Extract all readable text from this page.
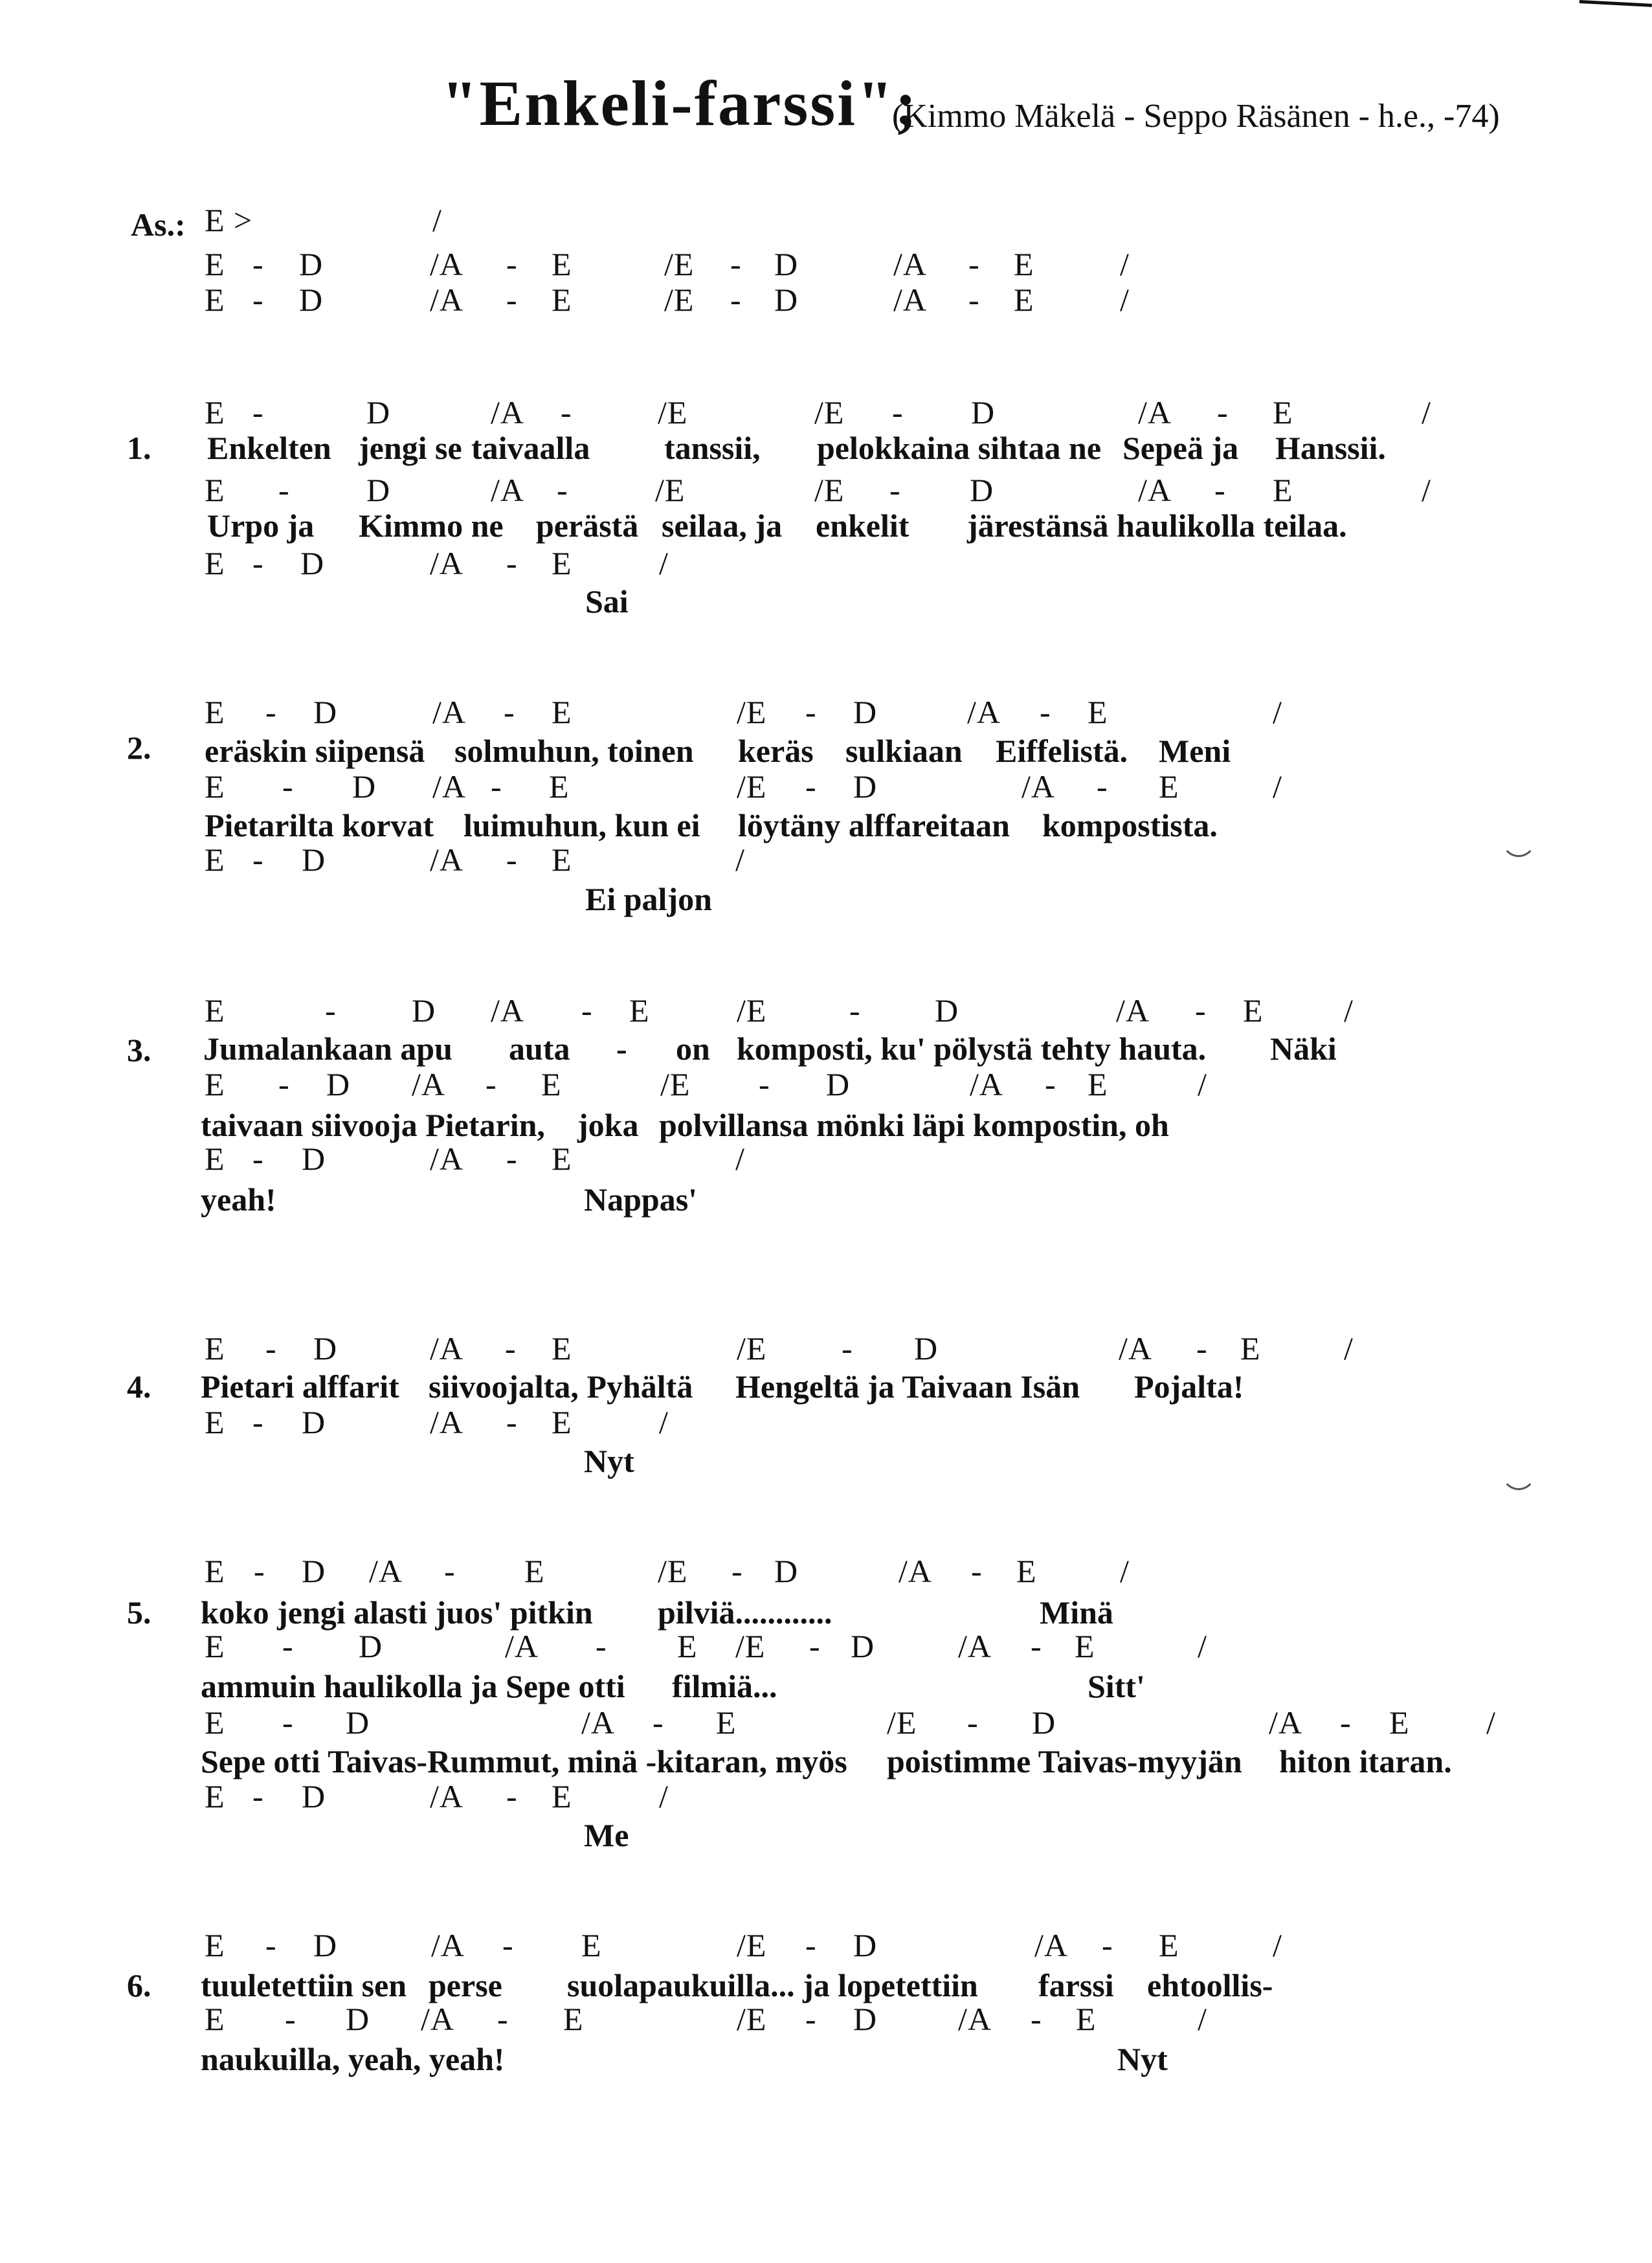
"Enkeli-farssi";
(Kimmo Mäkelä - Seppo Räsänen - h.e., -74)
As.: E >	/
E - D	/A - E	/E - D	/A - E	/
E - D	/A - E	/E - D	/A - E	/
1.
E -	D	/A -	/E	/E - D	/A - E	/
Enkelten jengi se taivaalla tanssii, pelokkaina sihtaa ne Sepeä ja Hanssii.
E - D	/A -	/E	/E - D	/A - E	/
Urpo ja Kimmo ne perästä seilaa, ja enkelit järestänsä haulikolla teilaa.
E - D	/A - E	/
Sai
2.
E - D	/A - E	/E - D	/A - E	/
eräskin siipensä solmuhun, toinen keräs sulkiaan Eiffelistä. Meni
E - D /A - E	/E - D	/A - E	/
Pietarilta korvat luimuhun, kun ei löytäny alffareitaan kompostista.
E - D	/A - E	/
Ei paljon
3.
E	- D /A - E	/E	- D	/A - E /
Jumalankaan apu auta - on komposti, ku' pölystä tehty hauta. Näki
E - D /A - E	/E - D	/A - E	/
taivaan siivooja Pietarin, joka polvillansa mönki läpi kompostin, oh
E - D	/A - E	/
yeah!	Nappas'
4.
E - D	/A - E	/E - D	/A - E	/
Pietari alffarit siivoojalta, Pyhältä Hengeltä ja Taivaan Isän Pojalta!
E - D	/A - E	/
Nyt
5.
E - D /A - E	/E - D	/A - E	/
koko jengi alasti juos' pitkin pilviä............	Minä
E - D	/A - E /E - D	/A - E	/
ammuin haulikolla ja Sepe otti filmiä...	Sitt'
E - D	/A - E	/E - D	/A - E /
Sepe otti Taivas-Rummut, minä -kitaran, myös poistimme Taivas-myyjän hiton itaran.
E - D	/A - E	/
Me
6.
E - D	/A - E	/E - D	/A - E	/
tuuletettiin sen perse suolapaukuilla... ja lopetettiin farssi ehtoollis-
E - D /A - E	/E - D /A - E	/
naukuilla, yeah, yeah!	Nyt
